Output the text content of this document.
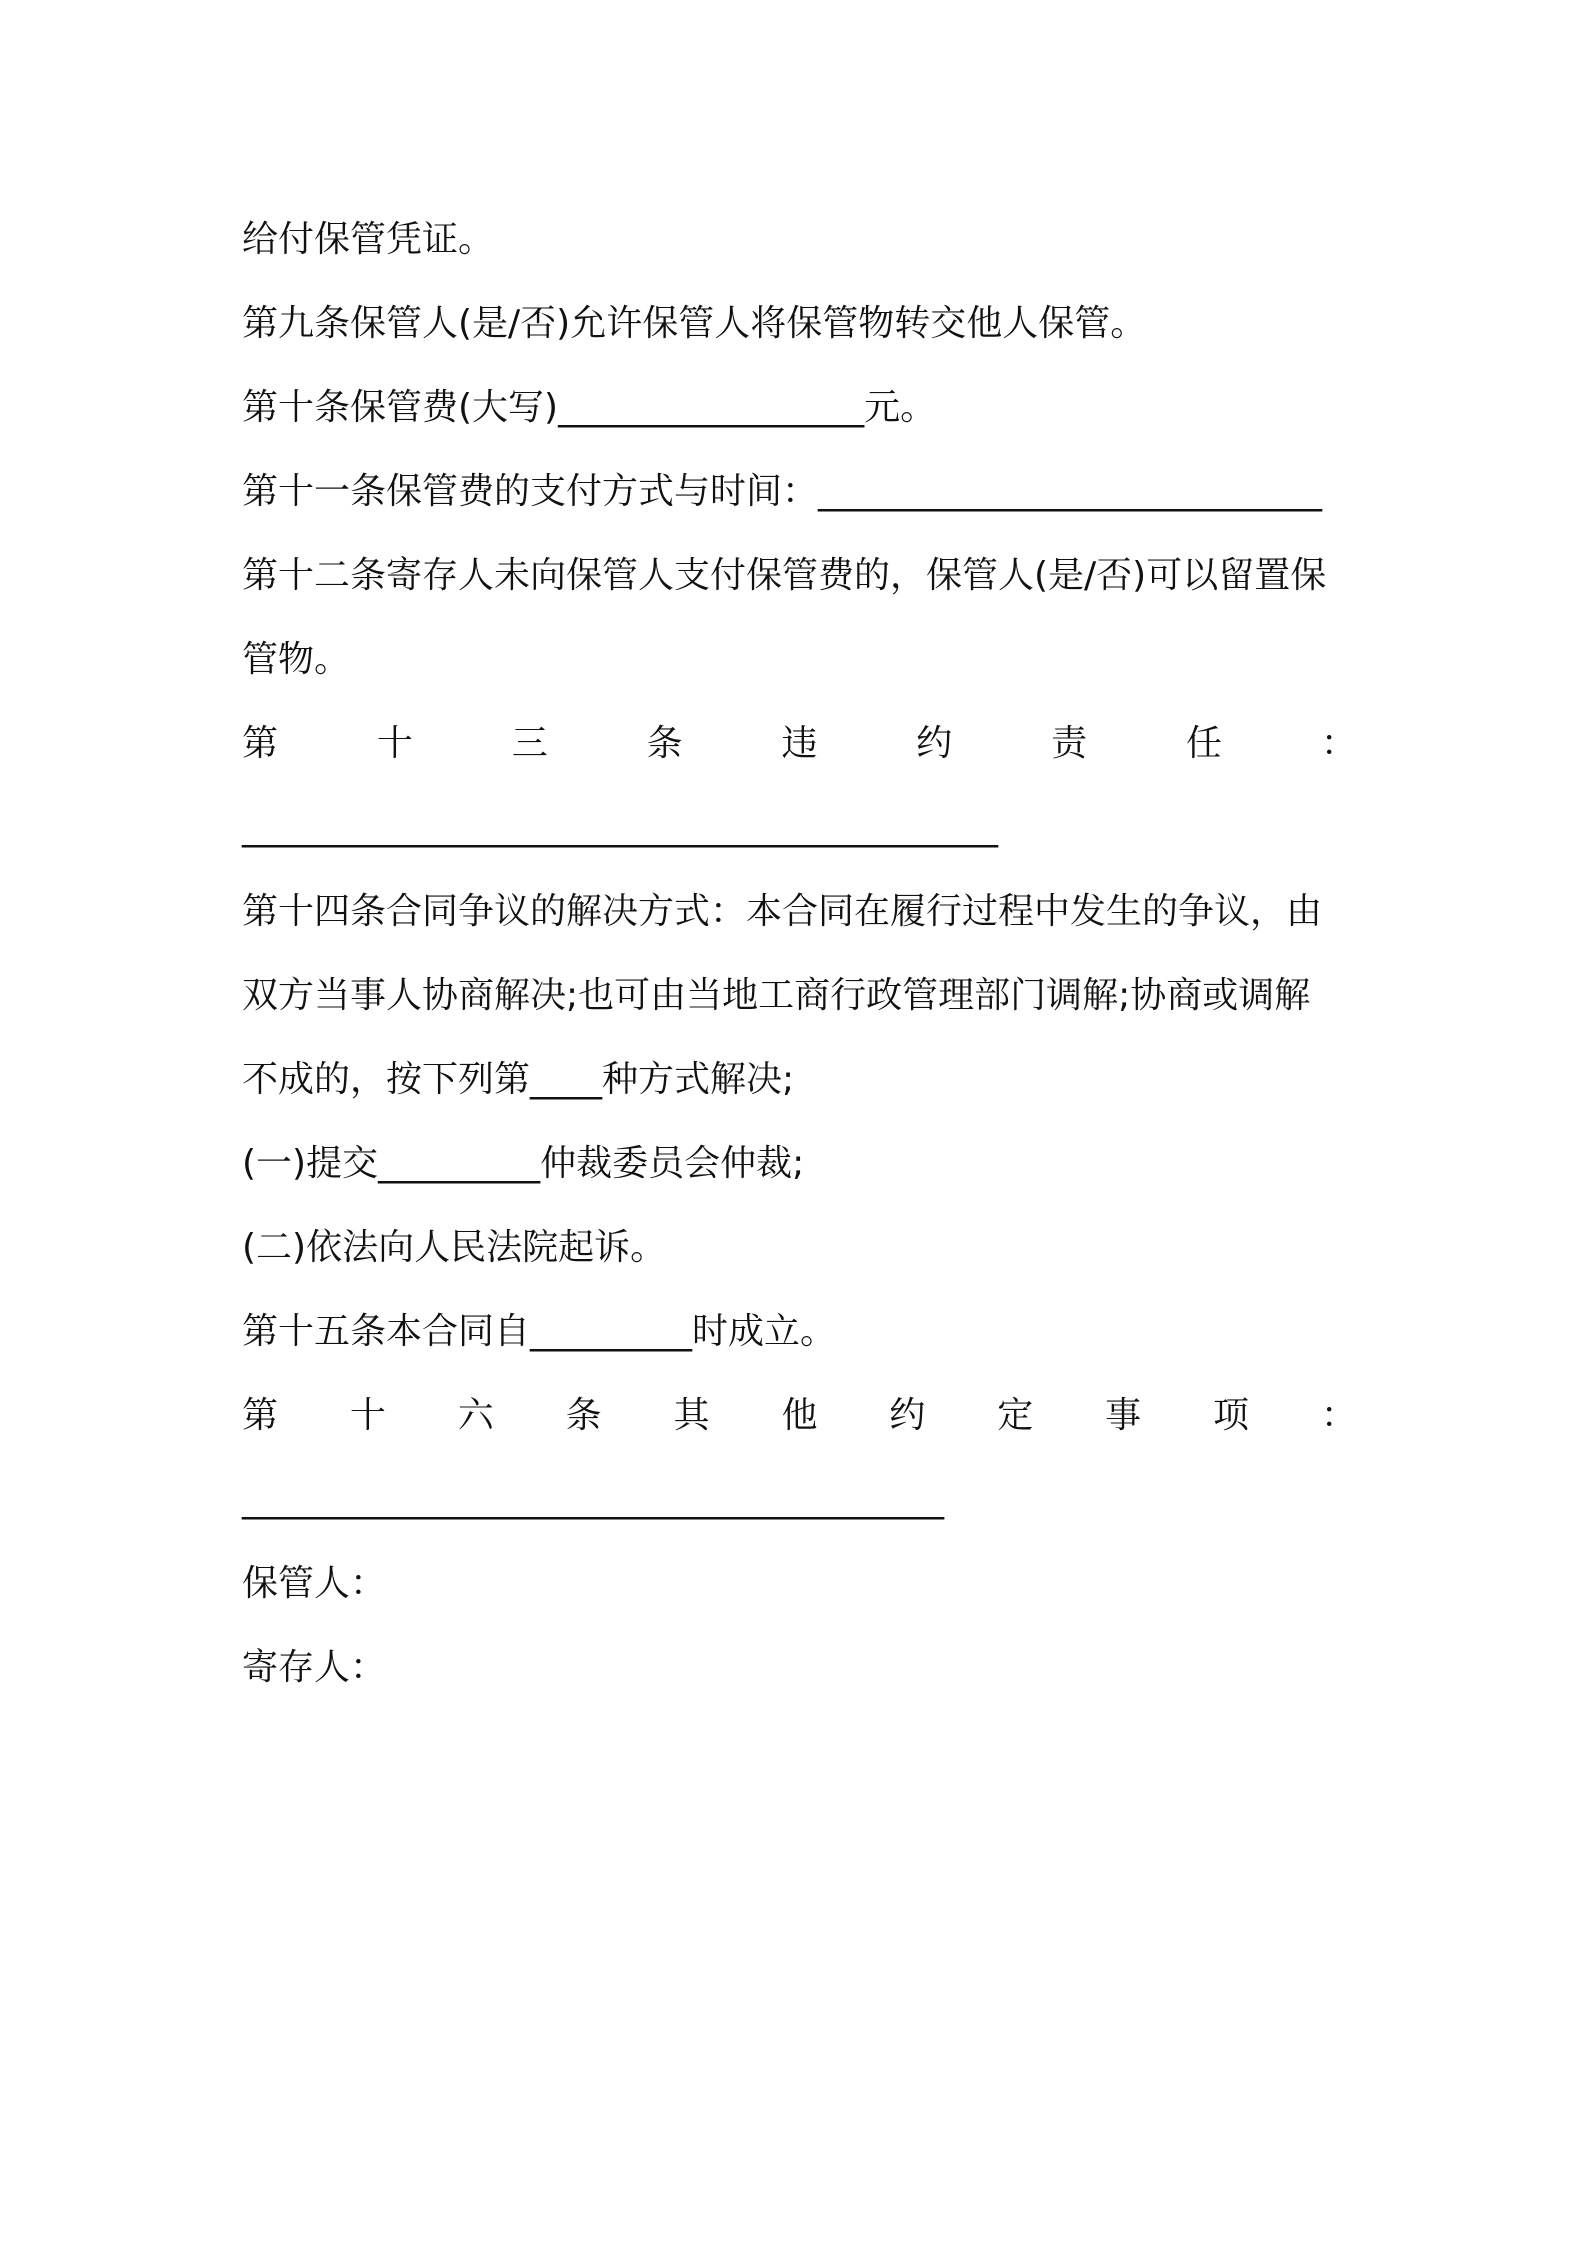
给付保管凭证。
第九条保管人(是/否)允许保管人将保管物转交他人保管。
第十条保管费(大写)_________________元。
第十一条保管费的支付方式与时间：____________________________
第十二条寄存人未向保管人支付保管费的，保管人(是/否)可以留置保
管物。
第	十	三	条	违	约	责	任	：
__________________________________________
第十四条合同争议的解决方式：本合同在履行过程中发生的争议，由
双方当事人协商解决;也可由当地工商行政管理部门调解;协商或调解
不成的，按下列第____种方式解决;
(一)提交_________仲裁委员会仲裁;
(二)依法向人民法院起诉。
第十五条本合同自_________时成立。
第 十 六 条 其 他 约 定 事 项 ：
_______________________________________
保管人：
寄存人：
